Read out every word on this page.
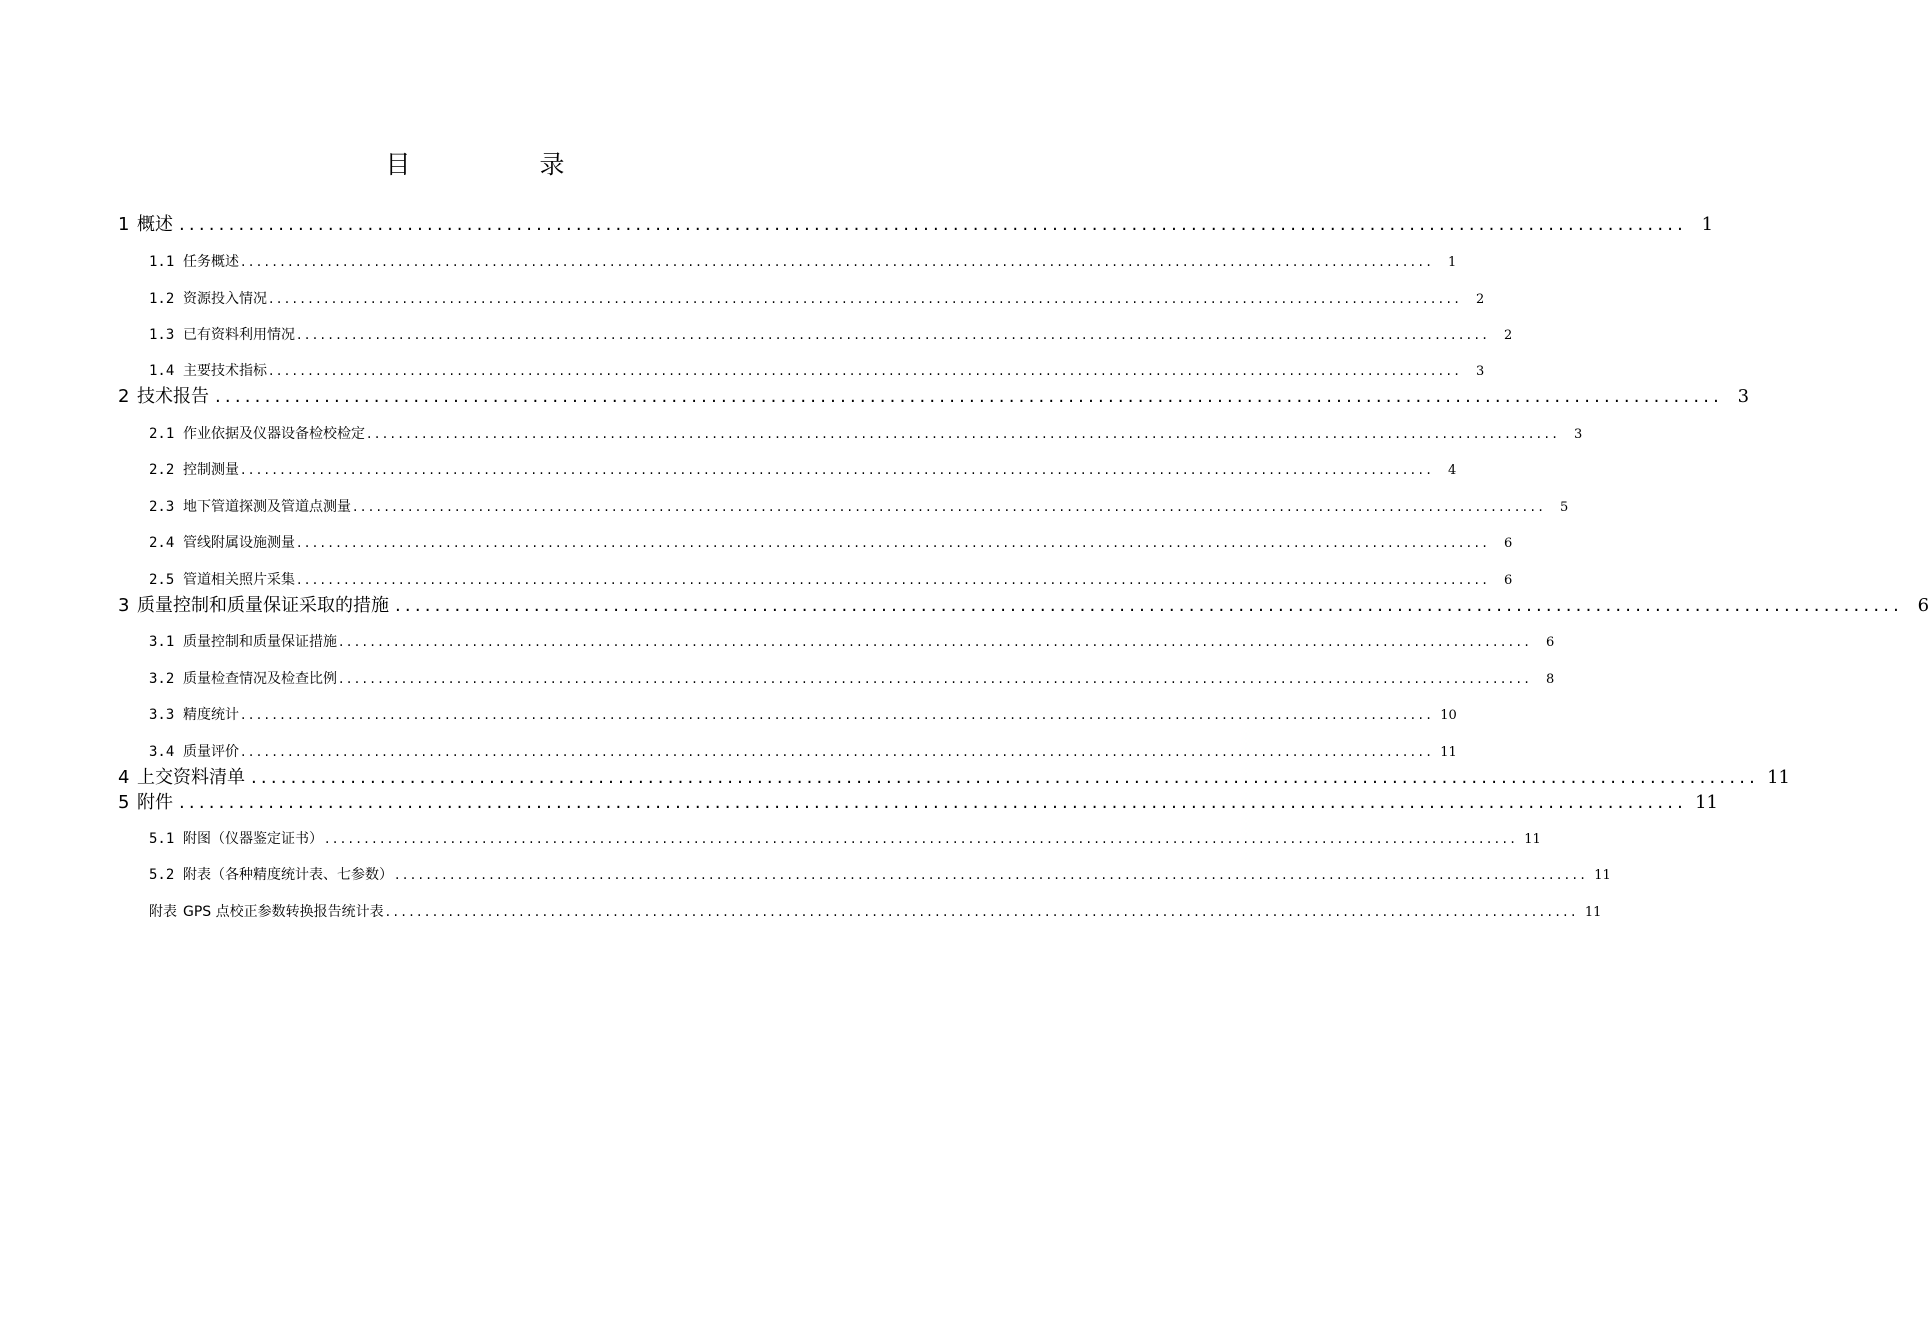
目　录
1 概述 ........................................................................................................................................................ 1
1.1 任务概述 ........................................................................................................................................................	1
1.2 资源投入情况 ........................................................................................................................................................	2
1.3 已有资料利用情况 ........................................................................................................................................................	2
1.4 主要技术指标 ........................................................................................................................................................	3
2 技术报告 ........................................................................................................................................................ 3
2.1 作业依据及仪器设备检校检定 ........................................................................................................................................................	3
2.2 控制测量 ........................................................................................................................................................	4
2.3 地下管道探测及管道点测量 ........................................................................................................................................................	5
2.4 管线附属设施测量 ........................................................................................................................................................	6
2.5 管道相关照片采集 ........................................................................................................................................................	6
3 质量控制和质量保证采取的措施 ........................................................................................................................................................ 6
3.1 质量控制和质量保证措施 ........................................................................................................................................................	6
3.2 质量检查情况及检查比例 ........................................................................................................................................................	8
3.3 精度统计 ........................................................................................................................................................ 10
3.4 质量评价 ........................................................................................................................................................ 11
4 上交资料清单 ........................................................................................................................................................ 11
5 附件 ........................................................................................................................................................ 11
5.1 附图（仪器鉴定证书） ........................................................................................................................................................ 11
5.2 附表（各种精度统计表、七参数） ........................................................................................................................................................ 11
附表 GPS 点校正参数转换报告统计表 ........................................................................................................................................................ 11
